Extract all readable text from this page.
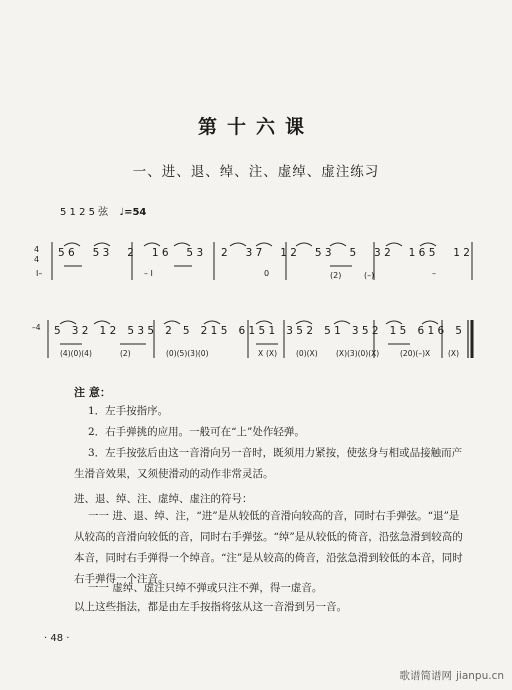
第十六课
一、进、退、绰、注、虚绰、虚注练习
5 1 2 5 弦 ♩=54
4
4
I–	– I	0	(2)	(–)	–
5 6 5 3 2 1 6 5 3 2 3 7 1 2 5 3 5 3 2 1 6 5 1 2
–4
(4)(0)(4)	(2)	(0)(5)(3)(0)	X (X)	(0)(X) (X)(3)(0)(X)	(20)(–)X (X)
5 3 2 1 2 5 3 5 2 5 2 1 5 6 1 5 1 3 5 2 5 1 3 5 2 1 5 6 1 6 5
注 意：
1．左手按指序。
2．右手弹挑的应用。一般可在“上”处作轻弹。
3．左手按弦后由这一音滑向另一音时，既须用力紧按，使弦身与相或品接触而产生滑音效果，又须使滑动的动作非常灵活。
进、退、绰、注、虚绰、虚注的符号：
一一 进、退、绰、注，“进”是从较低的音滑向较高的音，同时右手弹弦。“退”是从较高的音滑向较低的音，同时右手弹弦。“绰”是从较低的倚音，沿弦急滑到较高的本音，同时右手弹得一个绰音。“注”是从较高的倚音，沿弦急滑到较低的本音，同时右手弹得一个注音。
一一 虚绰、虚注只绰不弹或只注不弹，得一虚音。
以上这些指法，都是由左手按指将弦从这一音滑到另一音。
· 48 ·
歌谱简谱网 jianpu.cn
